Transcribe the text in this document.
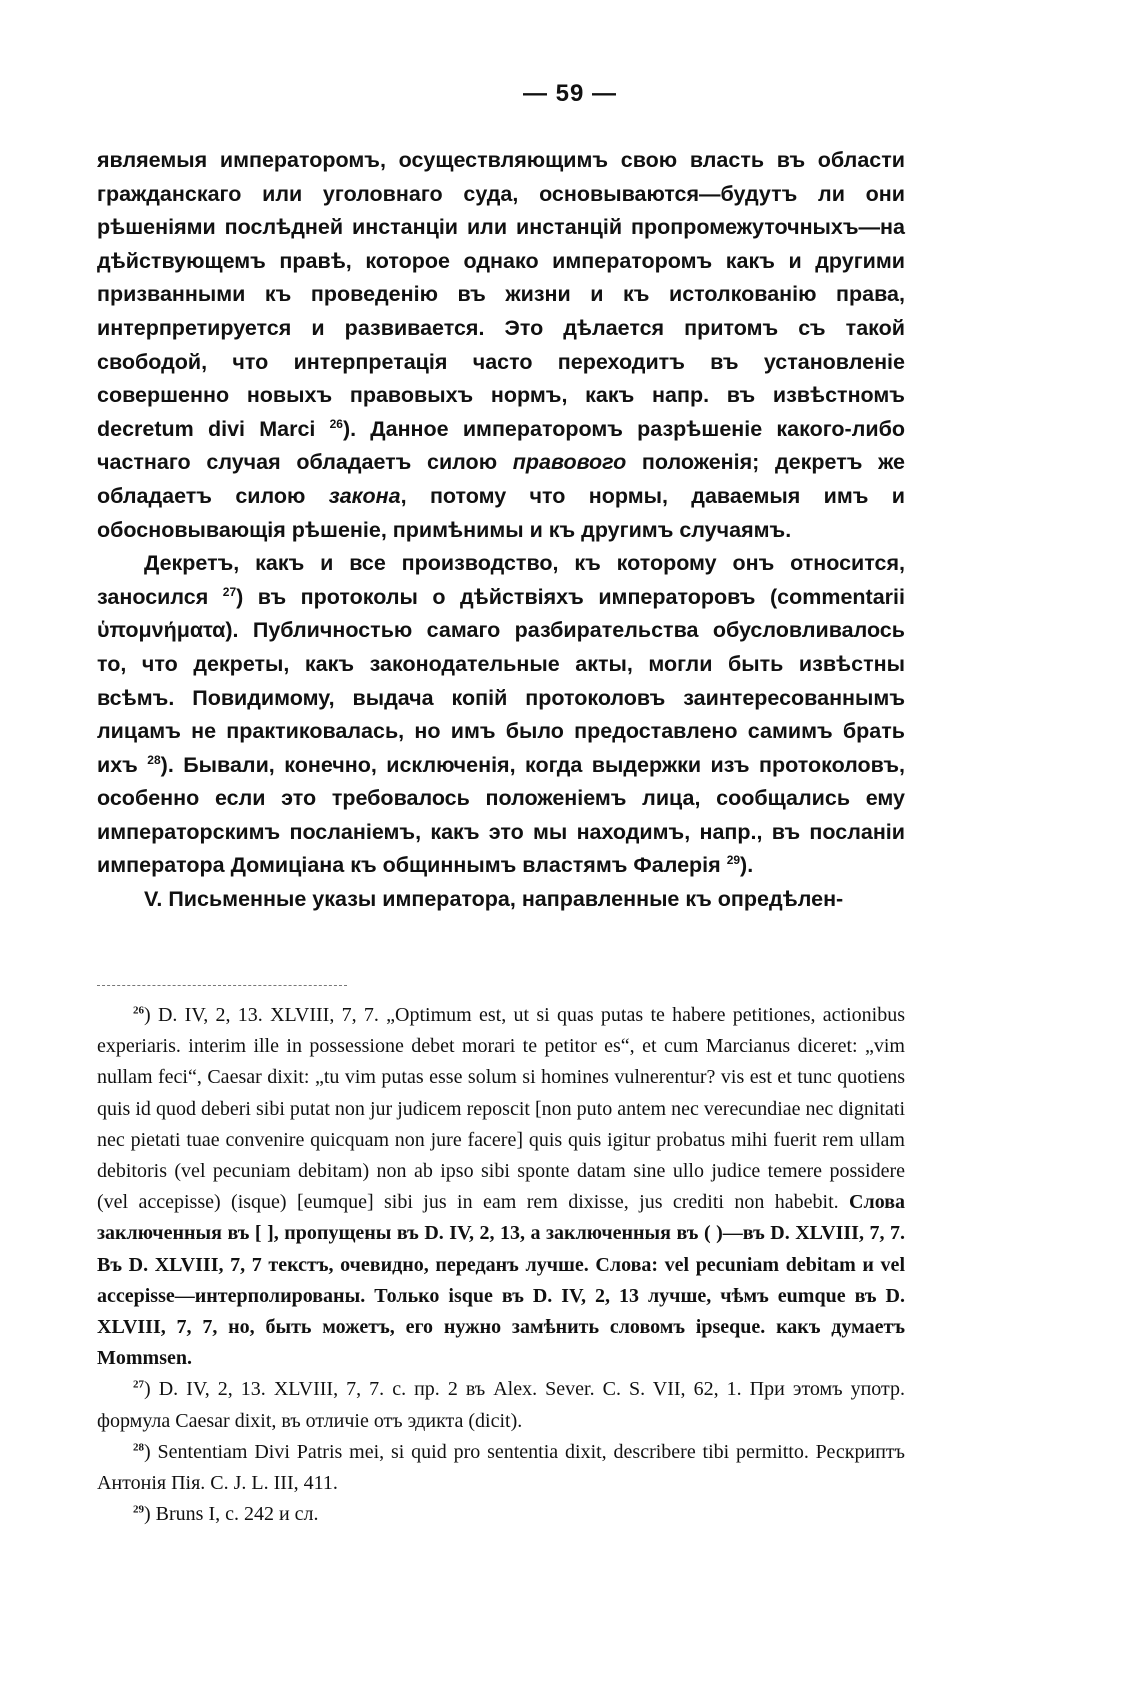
— 59 —

являемыя императоромъ, осуществляющимъ свою власть въ области гражданскаго или уголовнаго суда, основываются—будутъ ли они рѣшеніями послѣдней инстанціи или инстанцій пропромежуточныхъ—на дѣйствующемъ правѣ, которое однако императоромъ какъ и другими призванными къ проведенію въ жизни и къ истолкованію права, интерпретируется и развивается. Это дѣлается притомъ съ такой свободой, что интерпретація часто переходитъ въ установленіе совершенно новыхъ правовыхъ нормъ, какъ напр. въ извѣстномъ decretum divi Marci $^{26}$). Данное императоромъ разрѣшеніе какого-либо частнаго случая обладаетъ силою правового положенія; декретъ же обладаетъ силою закона, потому что нормы, даваемыя имъ и обосновывающія рѣшеніе, примѣнимы и къ другимъ случаямъ.

Декретъ, какъ и все производство, къ которому онъ относится, заносился $^{27}$) въ протоколы о дѣйствіяхъ императоровъ (commentarii ὑπομνήματα). Публичностью самаго разбирательства обусловливалось то, что декреты, какъ законодательные акты, могли быть извѣстны всѣмъ. Повидимому, выдача копій протоколовъ заинтересованнымъ лицамъ не практиковалась, но имъ было предоставлено самимъ брать ихъ $^{28}$). Бывали, конечно, исключенія, когда выдержки изъ протоколовъ, особенно если это требовалось положеніемъ лица, сообщались ему императорскимъ посланіемъ, какъ это мы находимъ, напр., въ посланіи императора Домиціана къ общиннымъ властямъ Фалерія $^{29}$).

V. Письменные указы императора, направленные къ опредѣлен-

$^{26}$) D. IV, 2, 13. XLVIII, 7, 7. „Optimum est, ut si quas putas te habere petitiones, actionibus experiaris. interim ille in possessione debet morari te petitor es“, et cum Marcianus diceret: „vim nullam feci“, Caesar dixit: „tu vim putas esse solum si homines vulnerentur? vis est et tunc quotiens quis id quod deberi sibi putat non jur judicem reposcit [non puto antem nec verecundiae nec dignitati nec pietati tuae convenire quicquam non jure facere] quis quis igitur probatus mihi fuerit rem ullam debitoris (vel pecuniam debitam) non ab ipso sibi sponte datam sine ullo judice temere possidere (vel accepisse) (isque) [eumque] sibi jus in eam rem dixisse, jus crediti non habebit. Слова заключенныя въ [ ], пропущены въ D. IV, 2, 13, а заключенныя въ ( )—въ D. XLVIII, 7, 7. Въ D. XLVIII, 7, 7 текстъ, очевидно, переданъ лучше. Слова: vel pecuniam debitam и vel accepisse—интерполированы. Только isque въ D. IV, 2, 13 лучше, чѣмъ eumque въ D. XLVIII, 7, 7, но, быть можетъ, его нужно замѣнить словомъ ipseque. какъ думаетъ Mommsen.

$^{27}$) D. IV, 2, 13. XLVIII, 7, 7. с. пр. 2 въ Alex. Sever. C. S. VII, 62, 1. При этомъ употр. формула Caesar dixit, въ отличіе отъ эдикта (dicit).

$^{28}$) Sententiam Divi Patris mei, si quid pro sententia dixit, describere tibi permitto. Рескриптъ Антонія Пія. C. J. L. III, 411.

$^{29}$) Bruns I, с. 242 и сл.
